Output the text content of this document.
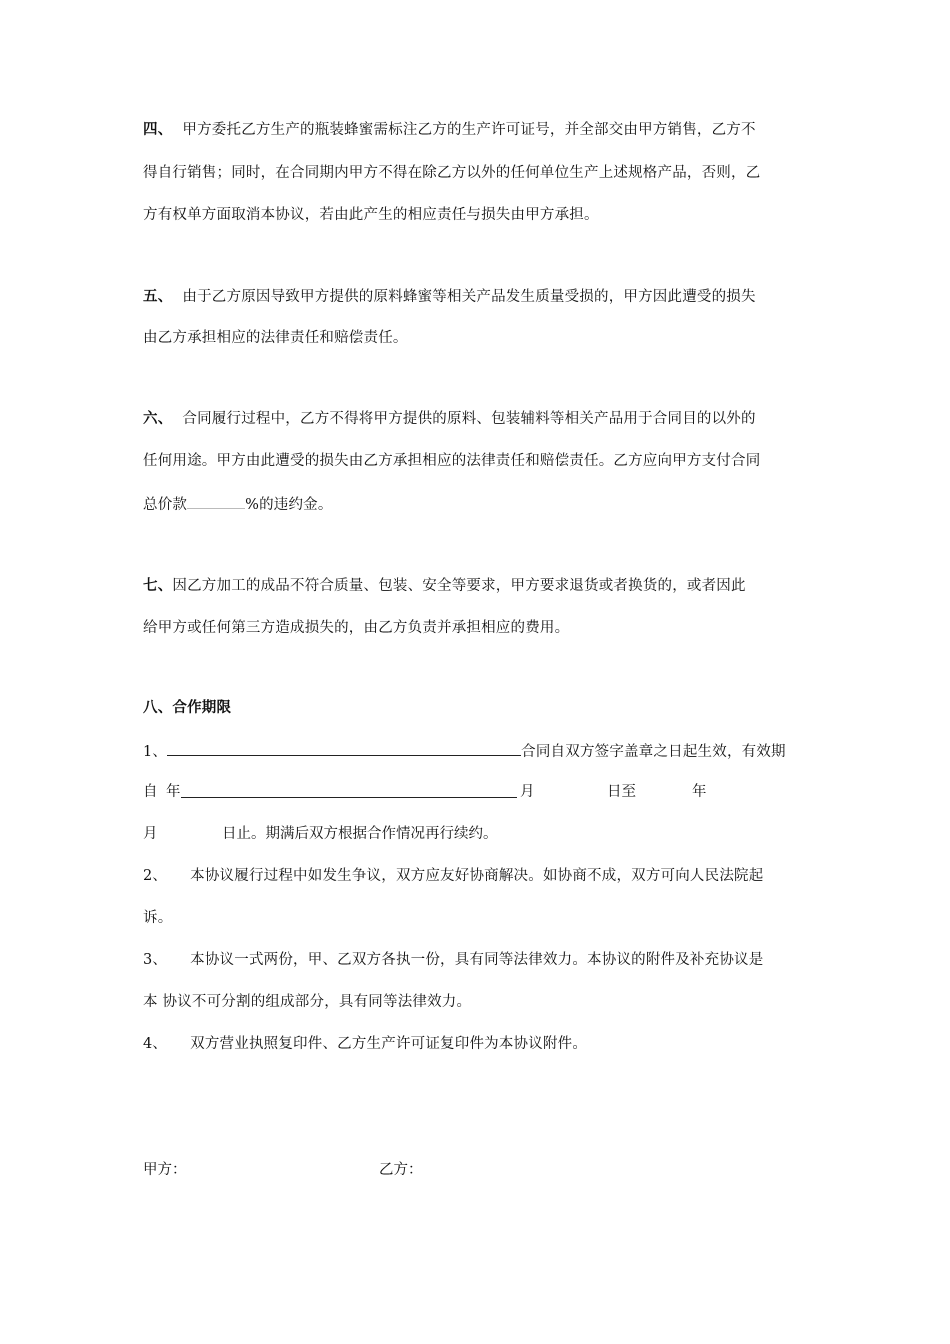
四、 甲方委托乙方生产的瓶装蜂蜜需标注乙方的生产许可证号，并全部交由甲方销售，乙方不
得自行销售；同时，在合同期内甲方不得在除乙方以外的任何单位生产上述规格产品，否则，乙
方有权单方面取消本协议，若由此产生的相应责任与损失由甲方承担。
五、 由于乙方原因导致甲方提供的原料蜂蜜等相关产品发生质量受损的，甲方因此遭受的损失
由乙方承担相应的法律责任和赔偿责任。
六、 合同履行过程中，乙方不得将甲方提供的原料、包装辅料等相关产品用于合同目的以外的
任何用途。甲方由此遭受的损失由乙方承担相应的法律责任和赔偿责任。乙方应向甲方支付合同
总价款	%的违约金。
七、因乙方加工的成品不符合质量、包装、安全等要求，甲方要求退货或者换货的，或者因此
给甲方或任何第三方造成损失的，由乙方负责并承担相应的费用。
八、合作期限
1、	合同自双方签字盖章之日起生效，有效期
自 年	月	日至	年
月	日止。期满后双方根据合作情况再行续约。
2、 本协议履行过程中如发生争议，双方应友好协商解决。如协商不成，双方可向人民法院起
诉。
3、 本协议一式两份，甲、乙双方各执一份，具有同等法律效力。本协议的附件及补充协议是
本 协议不可分割的组成部分，具有同等法律效力。
4、 双方营业执照复印件、乙方生产许可证复印件为本协议附件。
甲方：	乙方：
